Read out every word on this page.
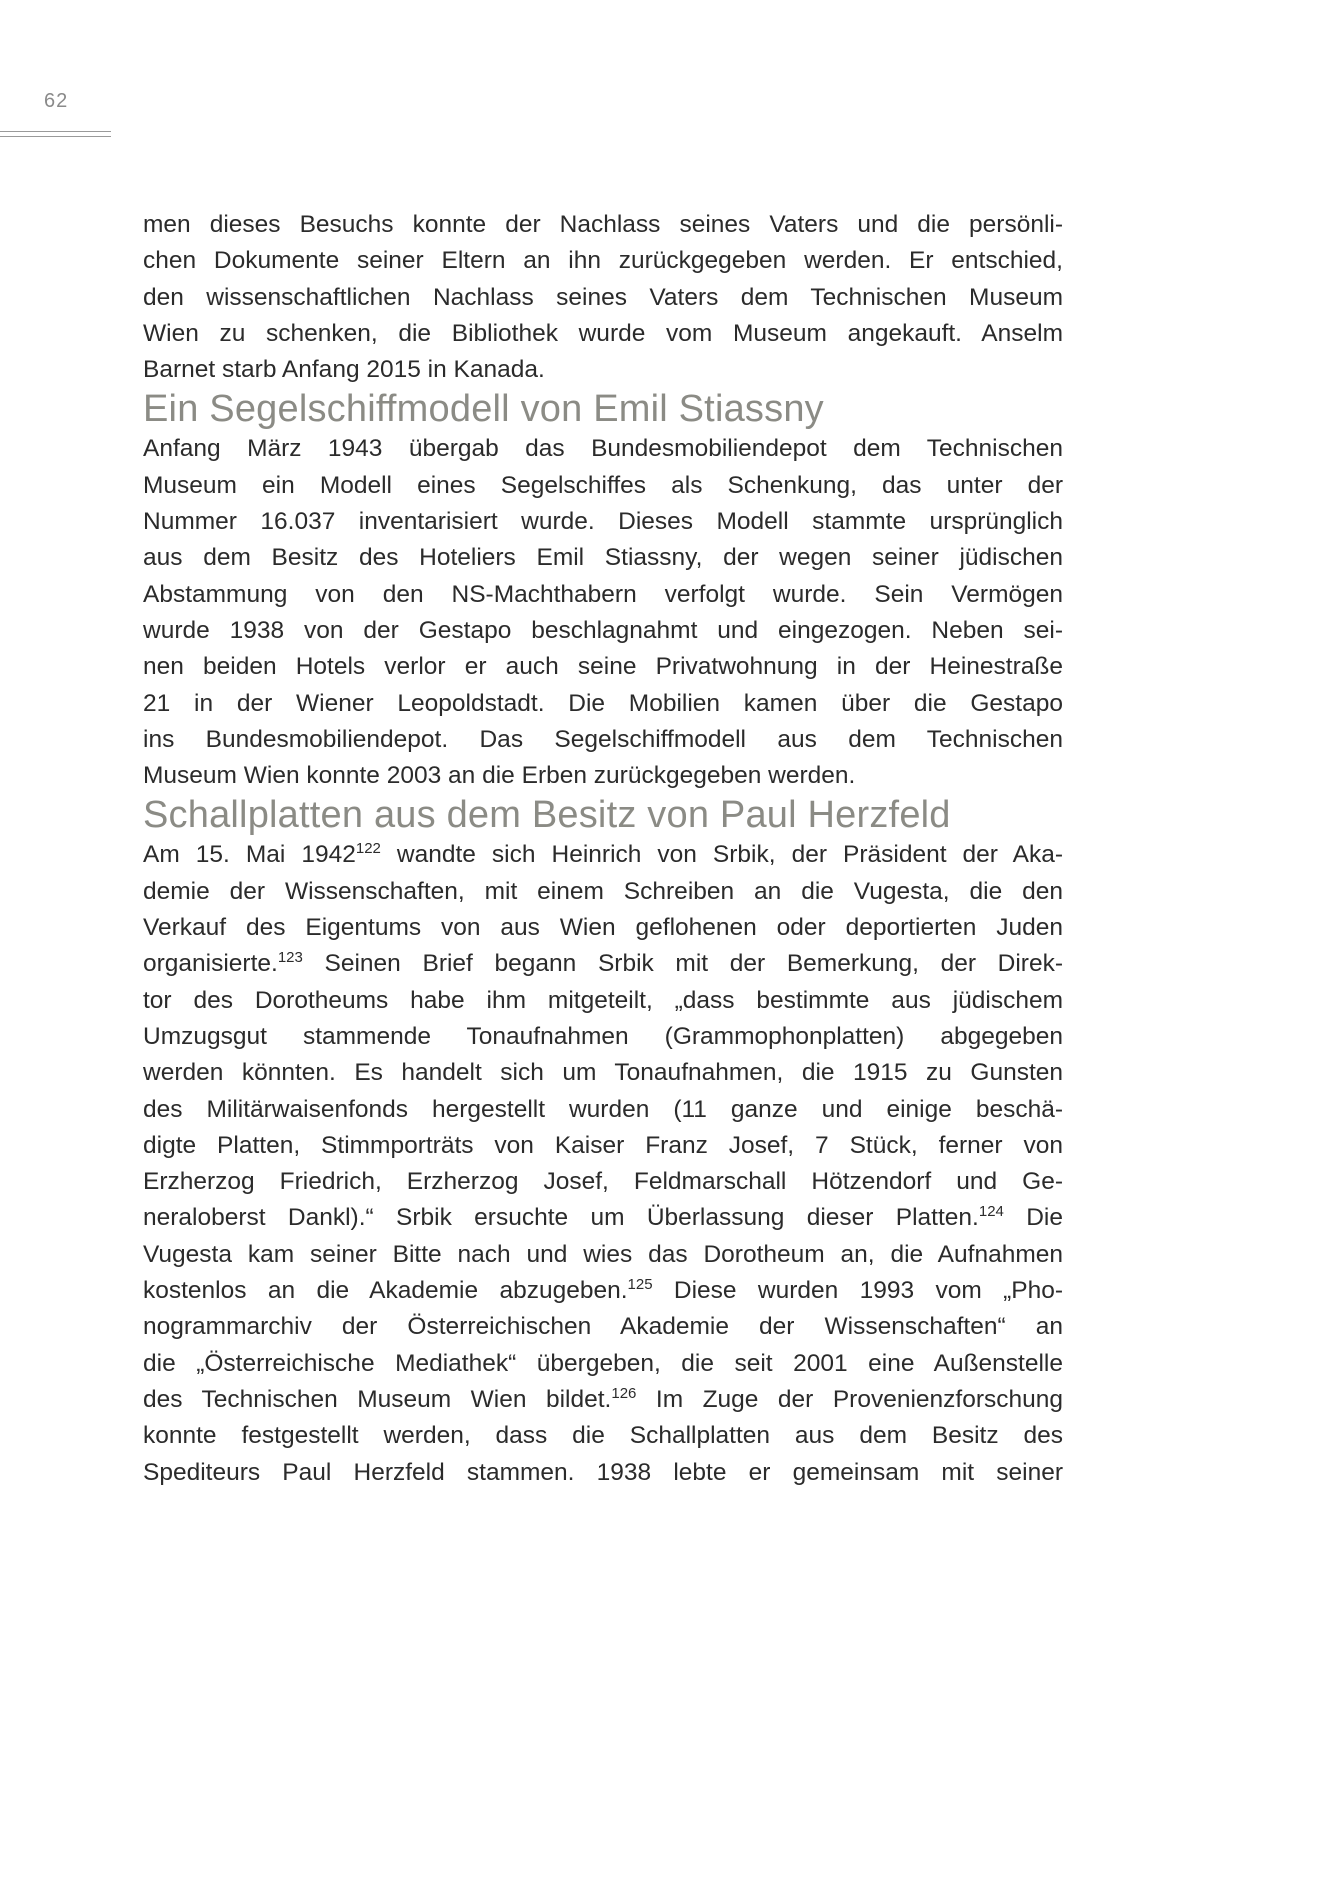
62

men dieses Besuchs konnte der Nachlass seines Vaters und die persönli-
chen Dokumente seiner Eltern an ihn zurückgegeben werden. Er entschied,
den wissenschaftlichen Nachlass seines Vaters dem Technischen Museum
Wien zu schenken, die Bibliothek wurde vom Museum angekauft. Anselm
Barnet starb Anfang 2015 in Kanada.

Ein Segelschiffmodell von Emil Stiassny

Anfang März 1943 übergab das Bundesmobiliendepot dem Technischen
Museum ein Modell eines Segelschiffes als Schenkung, das unter der
Nummer 16.037 inventarisiert wurde. Dieses Modell stammte ursprünglich
aus dem Besitz des Hoteliers Emil Stiassny, der wegen seiner jüdischen
Abstammung von den NS-Machthabern verfolgt wurde. Sein Vermögen
wurde 1938 von der Gestapo beschlagnahmt und eingezogen. Neben sei-
nen beiden Hotels verlor er auch seine Privatwohnung in der Heinestraße
21 in der Wiener Leopoldstadt. Die Mobilien kamen über die Gestapo
ins Bundesmobiliendepot. Das Segelschiffmodell aus dem Technischen
Museum Wien konnte 2003 an die Erben zurückgegeben werden.

Schallplatten aus dem Besitz von Paul Herzfeld

Am 15. Mai 1942$^{122}$ wandte sich Heinrich von Srbik, der Präsident der Aka-
demie der Wissenschaften, mit einem Schreiben an die Vugesta, die den
Verkauf des Eigentums von aus Wien geflohenen oder deportierten Juden
organisierte.$^{123}$ Seinen Brief begann Srbik mit der Bemerkung, der Direk-
tor des Dorotheums habe ihm mitgeteilt, „dass bestimmte aus jüdischem
Umzugsgut stammende Tonaufnahmen (Grammophonplatten) abgegeben
werden könnten. Es handelt sich um Tonaufnahmen, die 1915 zu Gunsten
des Militärwaisenfonds hergestellt wurden (11 ganze und einige beschä-
digte Platten, Stimmporträts von Kaiser Franz Josef, 7 Stück, ferner von
Erzherzog Friedrich, Erzherzog Josef, Feldmarschall Hötzendorf und Ge-
neraloberst Dankl).“ Srbik ersuchte um Überlassung dieser Platten.$^{124}$ Die
Vugesta kam seiner Bitte nach und wies das Dorotheum an, die Aufnahmen
kostenlos an die Akademie abzugeben.$^{125}$ Diese wurden 1993 vom „Pho-
nogrammarchiv der Österreichischen Akademie der Wissenschaften“ an
die „Österreichische Mediathek“ übergeben, die seit 2001 eine Außenstelle
des Technischen Museum Wien bildet.$^{126}$ Im Zuge der Provenienzforschung
konnte festgestellt werden, dass die Schallplatten aus dem Besitz des
Spediteurs Paul Herzfeld stammen. 1938 lebte er gemeinsam mit seiner
